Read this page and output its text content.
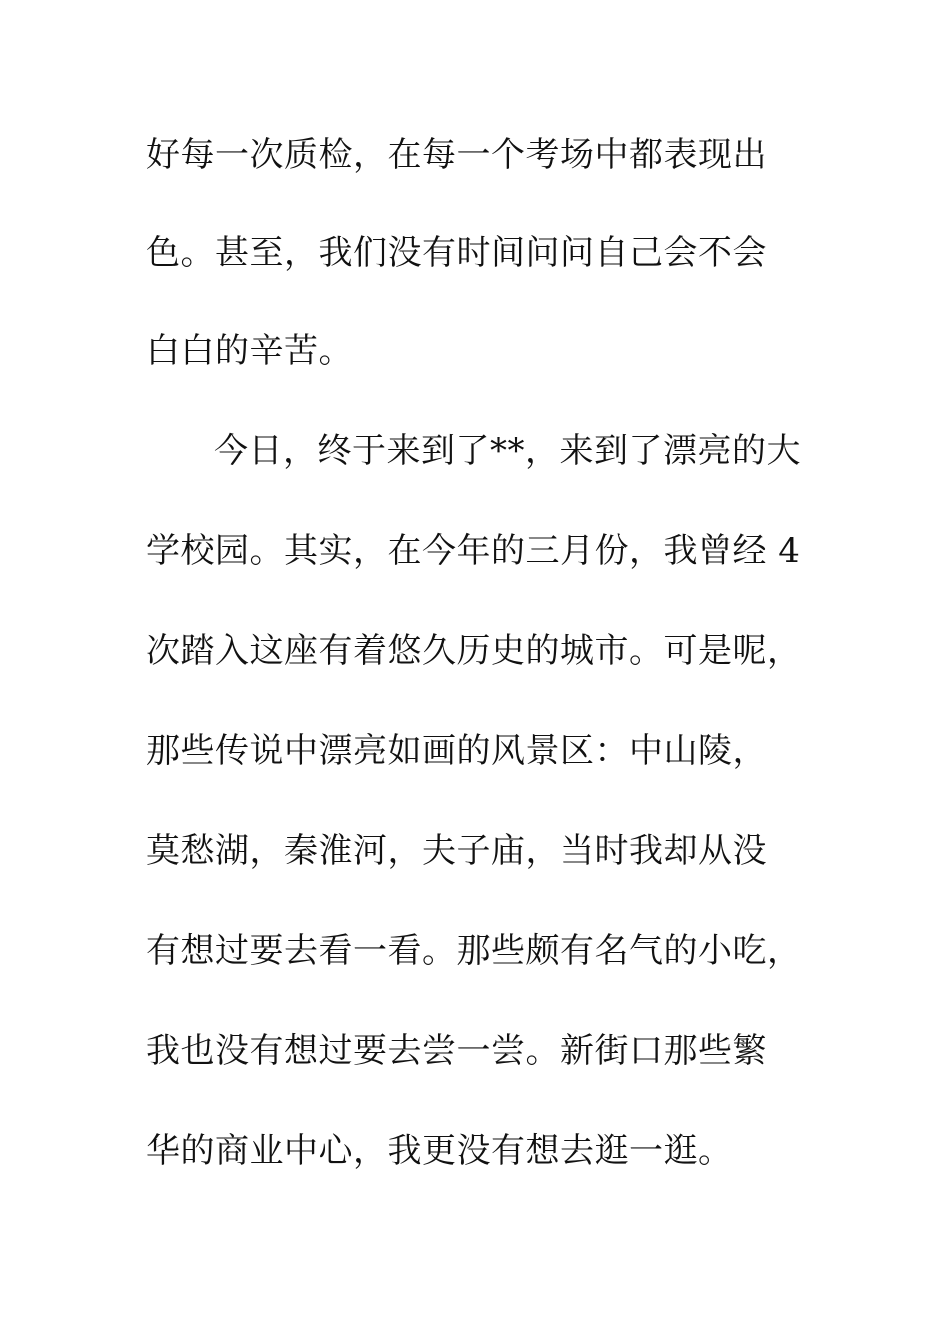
好每一次质检，在每一个考场中都表现出
色。甚至，我们没有时间问问自己会不会
白白的辛苦。
今日，终于来到了**，来到了漂亮的大
学校园。其实，在今年的三月份，我曾经 4
次踏入这座有着悠久历史的城市。可是呢，
那些传说中漂亮如画的风景区：中山陵，
莫愁湖，秦淮河，夫子庙，当时我却从没
有想过要去看一看。那些颇有名气的小吃，
我也没有想过要去尝一尝。新街口那些繁
华的商业中心，我更没有想去逛一逛。
